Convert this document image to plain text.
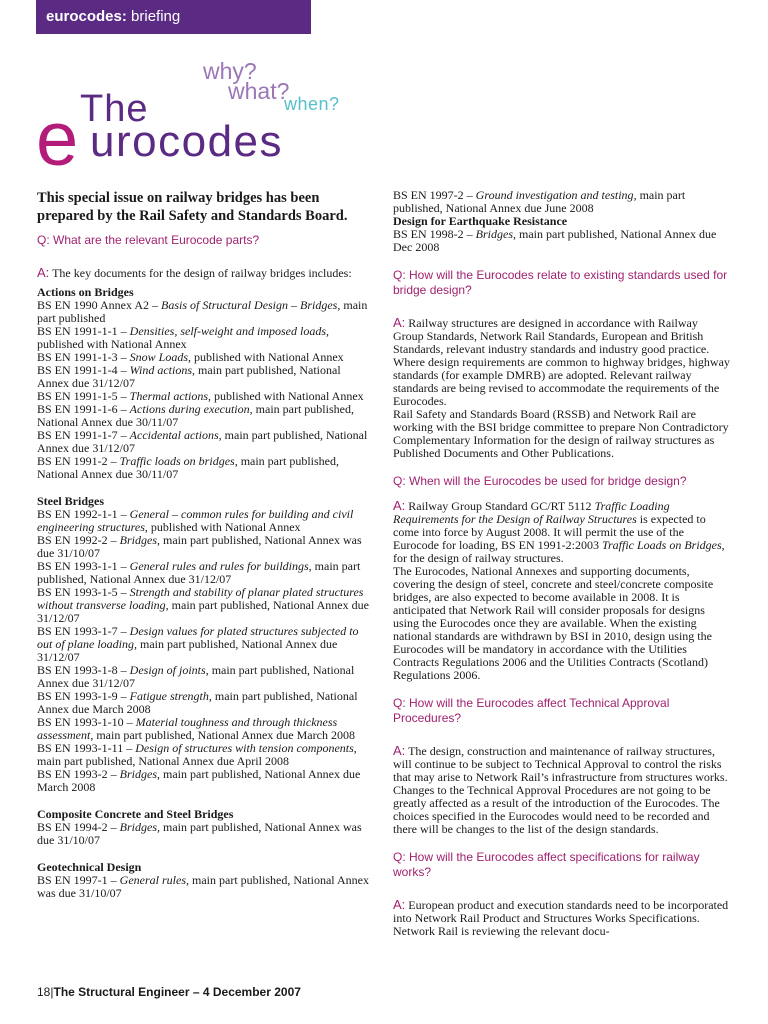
eurocodes: briefing
why?
what?
when?
The
e urocodes

This special issue on railway bridges has been prepared by the Rail Safety and Standards Board.

Q: What are the relevant Eurocode parts?

A: The key documents for the design of railway bridges includes:

Actions on Bridges

BS EN 1990 Annex A2 – Basis of Structural Design – Bridges, main part published

BS EN 1991-1-1 – Densities, self-weight and imposed loads, published with National Annex

BS EN 1991-1-3 – Snow Loads, published with National Annex

BS EN 1991-1-4 – Wind actions, main part published, National Annex due 31/12/07

BS EN 1991-1-5 – Thermal actions, published with National Annex

BS EN 1991-1-6 – Actions during execution, main part published, National Annex due 30/11/07

BS EN 1991-1-7 – Accidental actions, main part published, National Annex due 31/12/07

BS EN 1991-2 – Traffic loads on bridges, main part published, National Annex due 30/11/07

Steel Bridges

BS EN 1992-1-1 – General – common rules for building and civil engineering structures, published with National Annex

BS EN 1992-2 – Bridges, main part published, National Annex was due 31/10/07

BS EN 1993-1-1 – General rules and rules for buildings, main part published, National Annex due 31/12/07

BS EN 1993-1-5 – Strength and stability of planar plated structures without transverse loading, main part published, National Annex due 31/12/07

BS EN 1993-1-7 – Design values for plated structures subjected to out of plane loading, main part published, National Annex due 31/12/07

BS EN 1993-1-8 – Design of joints, main part published, National Annex due 31/12/07

BS EN 1993-1-9 – Fatigue strength, main part published, National Annex due March 2008

BS EN 1993-1-10 – Material toughness and through thickness assessment, main part published, National Annex due March 2008

BS EN 1993-1-11 – Design of structures with tension components, main part published, National Annex due April 2008

BS EN 1993-2 – Bridges, main part published, National Annex due March 2008

Composite Concrete and Steel Bridges

BS EN 1994-2 – Bridges, main part published, National Annex was due 31/10/07

Geotechnical Design

BS EN 1997-1 – General rules, main part published, National Annex was due 31/10/07

BS EN 1997-2 – Ground investigation and testing, main part published, National Annex due June 2008

Design for Earthquake Resistance

BS EN 1998-2 – Bridges, main part published, National Annex due Dec 2008

Q: How will the Eurocodes relate to existing standards used for bridge design?

A: Railway structures are designed in accordance with Railway Group Standards, Network Rail Standards, European and British Standards, relevant industry standards and industry good practice. Where design requirements are common to highway bridges, highway standards (for example DMRB) are adopted. Relevant railway standards are being revised to accommodate the requirements of the Eurocodes.

Rail Safety and Standards Board (RSSB) and Network Rail are working with the BSI bridge committee to prepare Non Contradictory Complementary Information for the design of railway structures as Published Documents and Other Publications.

Q: When will the Eurocodes be used for bridge design?

A: Railway Group Standard GC/RT 5112 Traffic Loading Requirements for the Design of Railway Structures is expected to come into force by August 2008. It will permit the use of the Eurocode for loading, BS EN 1991-2:2003 Traffic Loads on Bridges, for the design of railway structures.

The Eurocodes, National Annexes and supporting documents, covering the design of steel, concrete and steel/concrete composite bridges, are also expected to become available in 2008. It is anticipated that Network Rail will consider proposals for designs using the Eurocodes once they are available. When the existing national standards are withdrawn by BSI in 2010, design using the Eurocodes will be mandatory in accordance with the Utilities Contracts Regulations 2006 and the Utilities Contracts (Scotland) Regulations 2006.

Q: How will the Eurocodes affect Technical Approval Procedures?

A: The design, construction and maintenance of railway structures, will continue to be subject to Technical Approval to control the risks that may arise to Network Rail’s infrastructure from structures works.

Changes to the Technical Approval Procedures are not going to be greatly affected as a result of the introduction of the Eurocodes. The choices specified in the Eurocodes would need to be recorded and there will be changes to the list of the design standards.

Q: How will the Eurocodes affect specifications for railway works?

A: European product and execution standards need to be incorporated into Network Rail Product and Structures Works Specifications. Network Rail is reviewing the relevant docu-

18|The Structural Engineer – 4 December 2007
